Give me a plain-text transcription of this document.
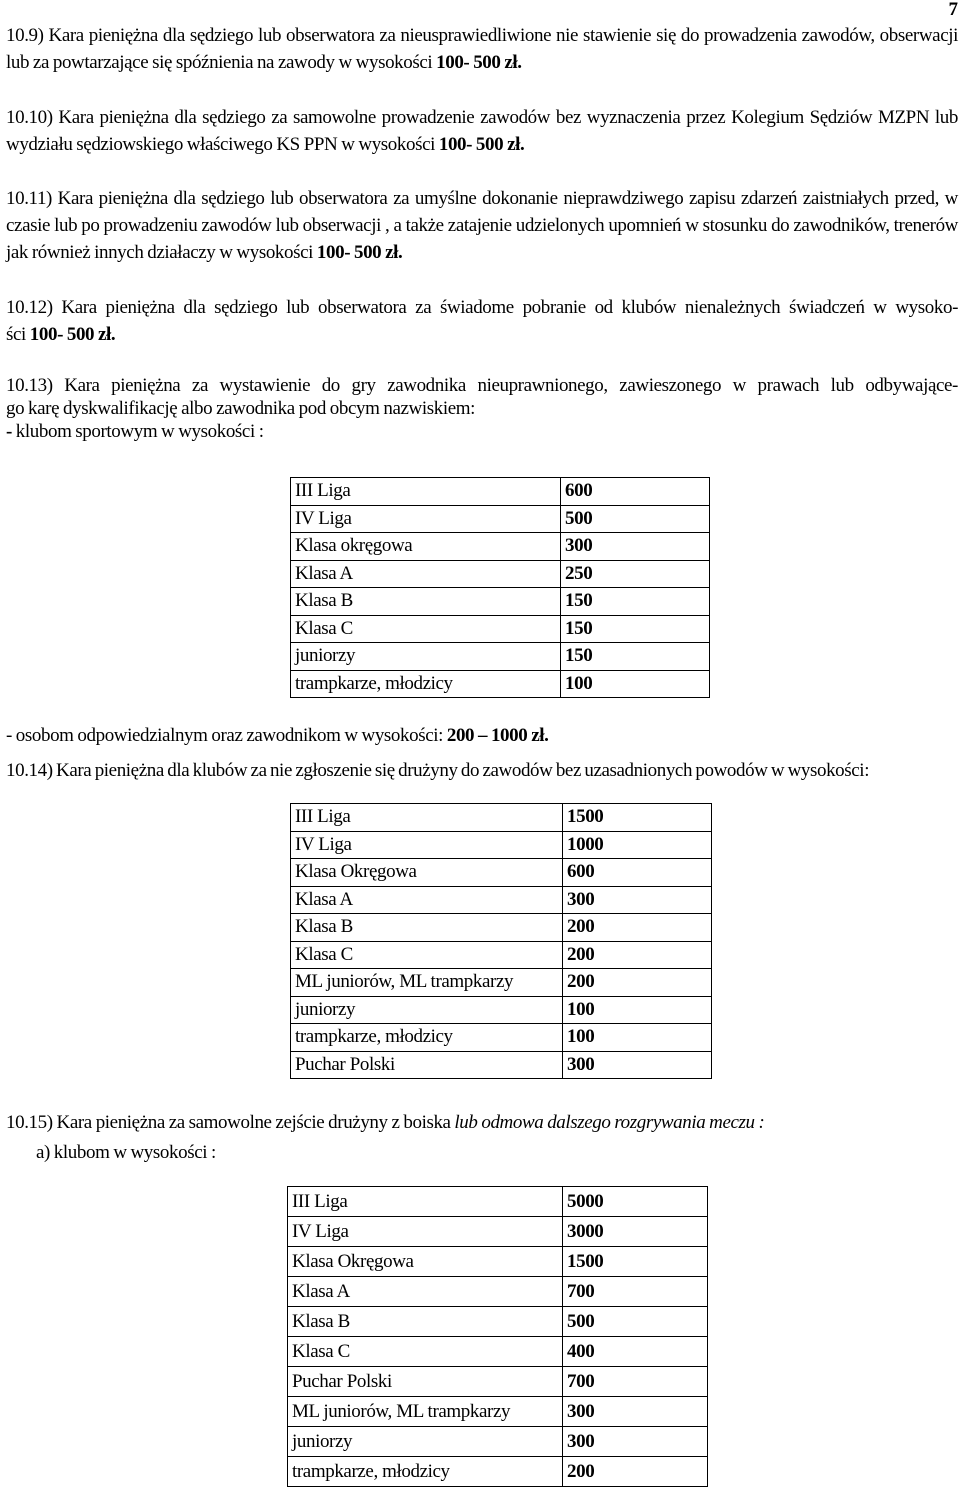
7

10.9) Kara pieniężna dla sędziego lub obserwatora za nieusprawiedliwione nie stawienie się do prowadzenia zawodów, obserwacji lub za powtarzające się spóźnienia na zawody w wysokości 100- 500 zł.

10.10) Kara pieniężna dla sędziego za samowolne prowadzenie zawodów bez wyznaczenia przez Kolegium Sędziów MZPN lub wydziału sędziowskiego właściwego KS PPN w wysokości 100- 500 zł.

10.11) Kara pieniężna dla sędziego lub obserwatora za umyślne dokonanie nieprawdziwego zapisu zdarzeń zaistniałych przed, w czasie lub po prowadzeniu zawodów lub obserwacji , a także zatajenie udzielonych upomnień w stosunku do zawodników, trenerów jak również innych działaczy w wysokości 100- 500 zł.

10.12) Kara pieniężna dla sędziego lub obserwatora za świadome pobranie od klubów nienależnych świadczeń w wysoko-
ści 100- 500 zł.

10.13) Kara pieniężna za wystawienie do gry zawodnika nieuprawnionego, zawieszonego w prawach lub odbywające-
go karę dyskwalifikację albo zawodnika pod obcym nazwiskiem:
- klubom sportowym w wysokości :

III Liga	600
IV Liga	500
Klasa okręgowa	300
Klasa A	250
Klasa B	150
Klasa C	150
juniorzy	150
trampkarze, młodzicy	100

- osobom odpowiedzialnym oraz zawodnikom w wysokości: 200 – 1000 zł.

10.14) Kara pieniężna dla klubów za nie zgłoszenie się drużyny do zawodów bez uzasadnionych powodów w wysokości:

III Liga	1500
IV Liga	1000
Klasa Okręgowa	600
Klasa A	300
Klasa B	200
Klasa C	200
ML juniorów, ML trampkarzy	200
juniorzy	100
trampkarze, młodzicy	100
Puchar Polski	300

10.15) Kara pieniężna za samowolne zejście drużyny z boiska lub odmowa dalszego rozgrywania meczu :
a) klubom w wysokości :

III Liga	5000
IV Liga	3000
Klasa Okręgowa	1500
Klasa A	700
Klasa B	500
Klasa C	400
Puchar Polski	700
ML juniorów, ML trampkarzy	300
juniorzy	300
trampkarze, młodzicy	200
